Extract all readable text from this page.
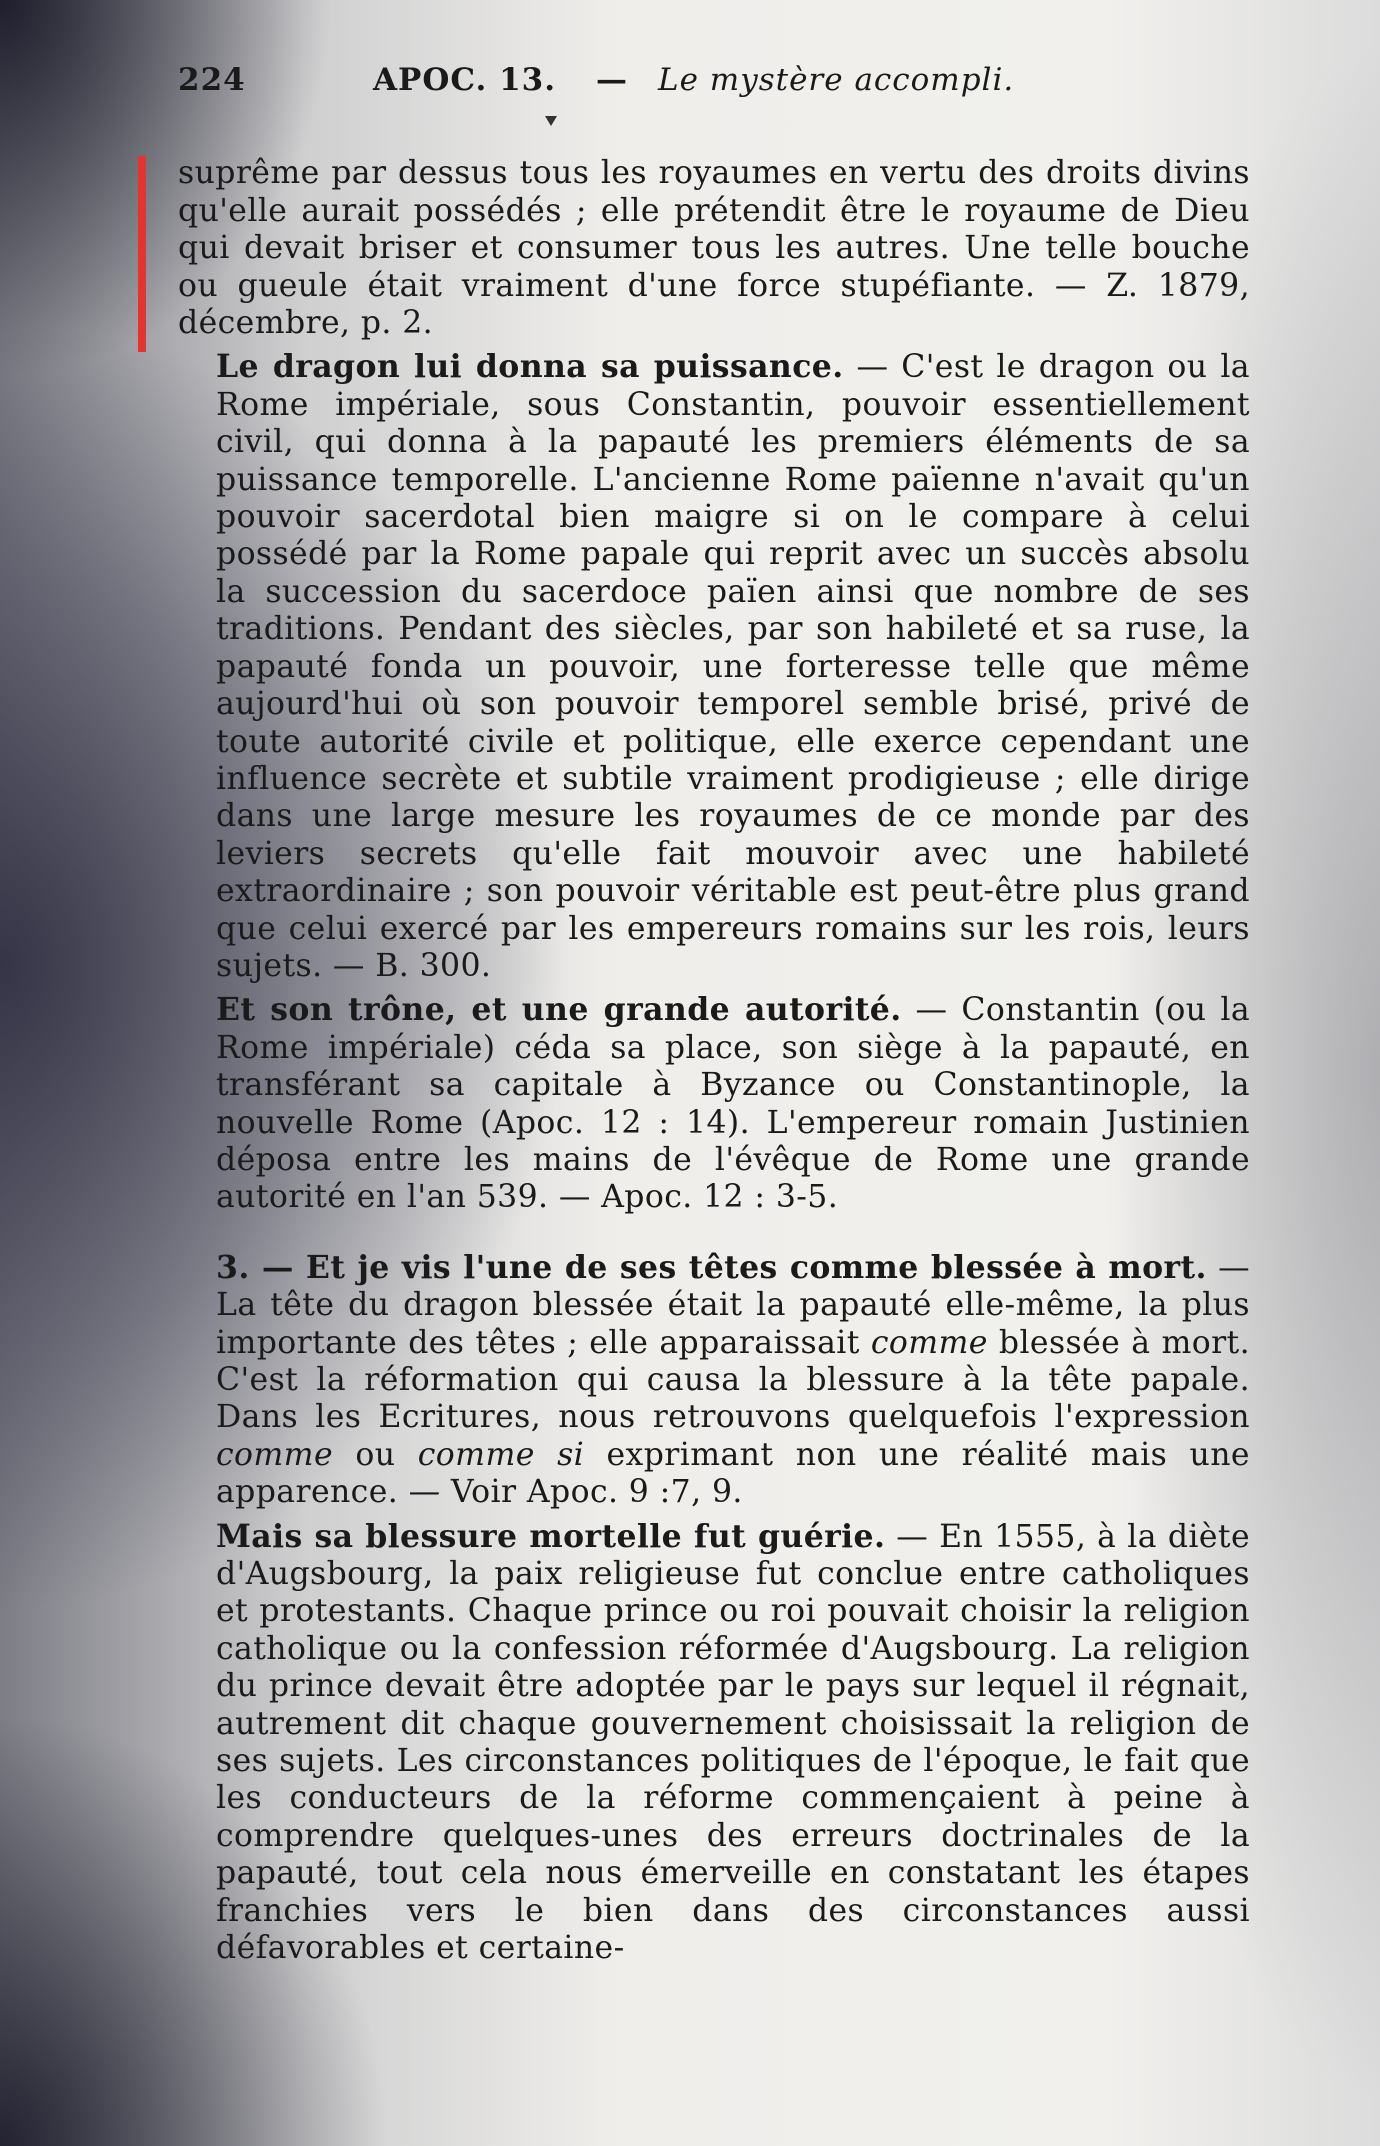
224	APOC. 13. — Le mystère accompli.

suprême par dessus tous les royaumes en vertu des droits divins qu'elle aurait possédés ; elle prétendit être le royaume de Dieu qui devait briser et consumer tous les autres. Une telle bouche ou gueule était vraiment d'une force stupéfiante. — Z. 1879, décembre, p. 2.

Le dragon lui donna sa puissance. — C'est le dragon ou la Rome impériale, sous Constantin, pouvoir essentiellement civil, qui donna à la papauté les premiers éléments de sa puissance temporelle. L'ancienne Rome païenne n'avait qu'un pouvoir sacerdotal bien maigre si on le compare à celui possédé par la Rome papale qui reprit avec un succès absolu la succession du sacerdoce païen ainsi que nombre de ses traditions. Pendant des siècles, par son habileté et sa ruse, la papauté fonda un pouvoir, une forteresse telle que même aujourd'hui où son pouvoir temporel semble brisé, privé de toute autorité civile et politique, elle exerce cependant une influence secrète et subtile vraiment prodigieuse ; elle dirige dans une large mesure les royaumes de ce monde par des leviers secrets qu'elle fait mouvoir avec une habileté extraordinaire ; son pouvoir véritable est peut-être plus grand que celui exercé par les empereurs romains sur les rois, leurs sujets. — B. 300.

Et son trône, et une grande autorité. — Constantin (ou la Rome impériale) céda sa place, son siège à la papauté, en transférant sa capitale à Byzance ou Constantinople, la nouvelle Rome (Apoc. 12 : 14). L'empereur romain Justinien déposa entre les mains de l'évêque de Rome une grande autorité en l'an 539. — Apoc. 12 : 3-5.

3. — Et je vis l'une de ses têtes comme blessée à mort. — La tête du dragon blessée était la papauté elle-même, la plus importante des têtes ; elle apparaissait comme blessée à mort. C'est la réformation qui causa la blessure à la tête papale. Dans les Ecritures, nous retrouvons quelquefois l'expression comme ou comme si exprimant non une réalité mais une apparence. — Voir Apoc. 9 :7, 9.

Mais sa blessure mortelle fut guérie. — En 1555, à la diète d'Augsbourg, la paix religieuse fut conclue entre catholiques et protestants. Chaque prince ou roi pouvait choisir la religion catholique ou la confession réformée d'Augsbourg. La religion du prince devait être adoptée par le pays sur lequel il régnait, autrement dit chaque gouvernement choisissait la religion de ses sujets. Les circonstances politiques de l'époque, le fait que les conducteurs de la réforme commençaient à peine à comprendre quelques-unes des erreurs doctrinales de la papauté, tout cela nous émerveille en constatant les étapes franchies vers le bien dans des circonstances aussi défavorables et certaine-
